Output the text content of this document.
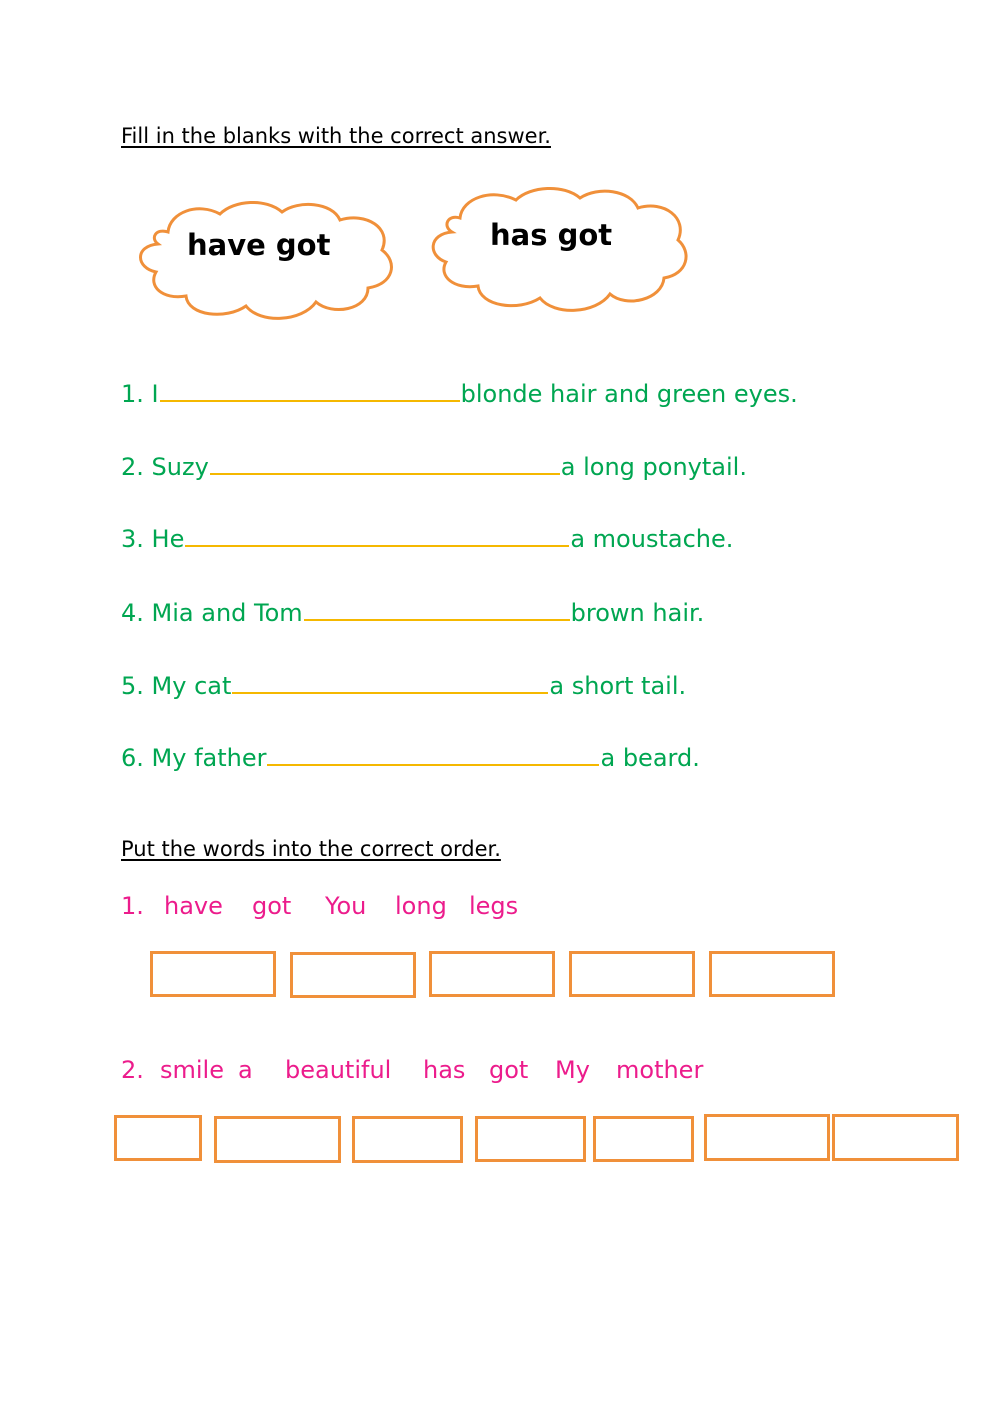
Fill in the blanks with the correct answer.
have got	has got
1. I	blonde hair and green eyes.
2. Suzy	a long ponytail.
3. He	a moustache.
4. Mia and Tom	brown hair.
5. My cat	a short tail.
6. My father	a beard.
Put the words into the correct order.
1. have got You long legs
2. smile a beautiful has got My mother
